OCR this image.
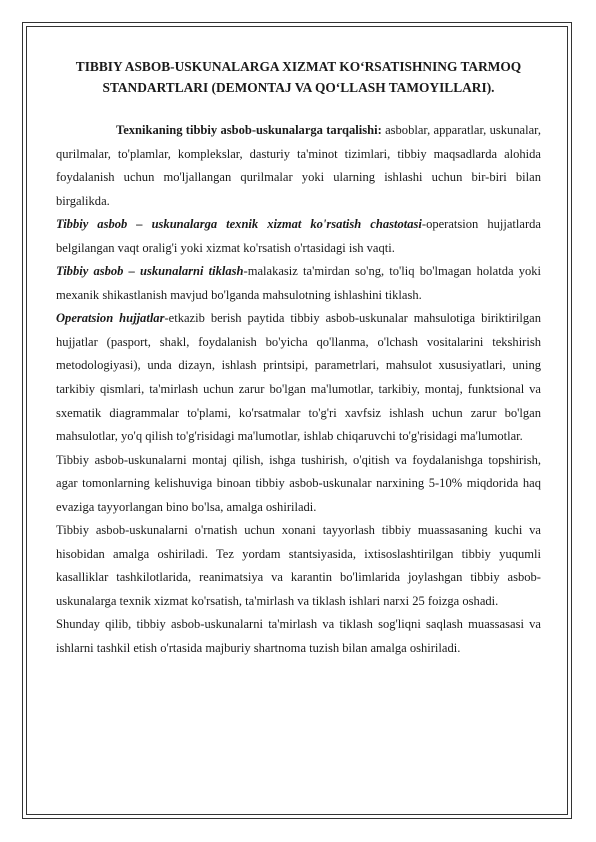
TIBBIY ASBOB-USKUNALARGA XIZMAT KO‘RSATISHNING TARMOQ STANDARTLARI (DEMONTAJ VA QO‘LLASH TAMOYILLARI).

Texnikaning tibbiy asbob-uskunalarga tarqalishi: asboblar, apparatlar, uskunalar, qurilmalar, to'plamlar, komplekslar, dasturiy ta'minot tizimlari, tibbiy maqsadlarda alohida foydalanish uchun mo'ljallangan qurilmalar yoki ularning ishlashi uchun bir-biri bilan birgalikda.

Tibbiy asbob – uskunalarga texnik xizmat ko'rsatish chastotasi-operatsion hujjatlarda belgilangan vaqt oralig'i yoki xizmat ko'rsatish o'rtasidagi ish vaqti.

Tibbiy asbob – uskunalarni tiklash-malakasiz ta'mirdan so'ng, to'liq bo'lmagan holatda yoki mexanik shikastlanish mavjud bo'lganda mahsulotning ishlashini tiklash.

Operatsion hujjatlar-etkazib berish paytida tibbiy asbob-uskunalar mahsulotiga biriktirilgan hujjatlar (pasport, shakl, foydalanish bo'yicha qo'llanma, o'lchash vositalarini tekshirish metodologiyasi), unda dizayn, ishlash printsipi, parametrlari, mahsulot xususiyatlari, uning tarkibiy qismlari, ta'mirlash uchun zarur bo'lgan ma'lumotlar, tarkibiy, montaj, funktsional va sxematik diagrammalar to'plami, ko'rsatmalar to'g'ri xavfsiz ishlash uchun zarur bo'lgan mahsulotlar, yo'q qilish to'g'risidagi ma'lumotlar, ishlab chiqaruvchi to'g'risidagi ma'lumotlar.

Tibbiy asbob-uskunalarni montaj qilish, ishga tushirish, o'qitish va foydalanishga topshirish, agar tomonlarning kelishuviga binoan tibbiy asbob-uskunalar narxining 5-10% miqdorida haq evaziga tayyorlangan bino bo'lsa, amalga oshiriladi.

Tibbiy asbob-uskunalarni o'rnatish uchun xonani tayyorlash tibbiy muassasaning kuchi va hisobidan amalga oshiriladi. Tez yordam stantsiyasida, ixtisoslashtirilgan tibbiy yuqumli kasalliklar tashkilotlarida, reanimatsiya va karantin bo'limlarida joylashgan tibbiy asbob-uskunalarga texnik xizmat ko'rsatish, ta'mirlash va tiklash ishlari narxi 25 foizga oshadi.

Shunday qilib, tibbiy asbob-uskunalarni ta'mirlash va tiklash sog'liqni saqlash muassasasi va ishlarni tashkil etish o'rtasida majburiy shartnoma tuzish bilan amalga oshiriladi.
